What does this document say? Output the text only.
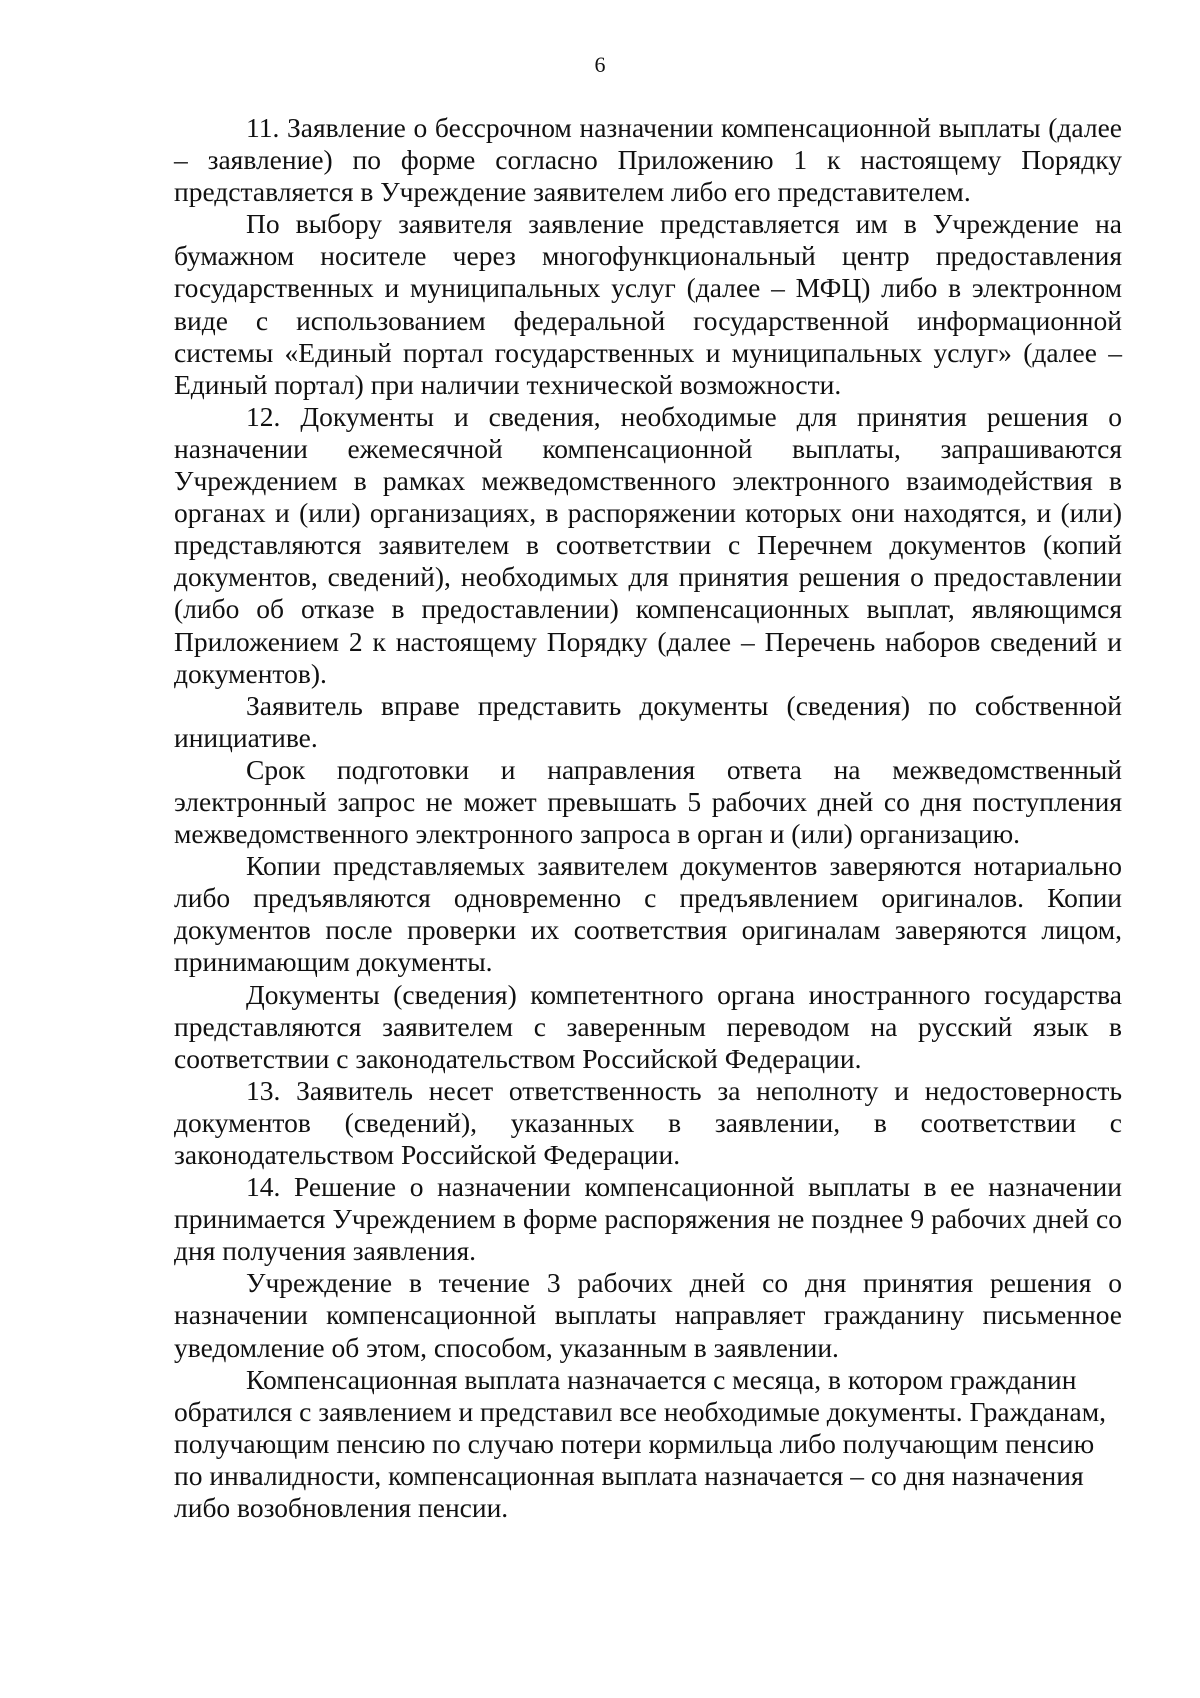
6

11. Заявление о бессрочном назначении компенсационной выплаты (далее – заявление) по форме согласно Приложению 1 к настоящему Порядку представляется в Учреждение заявителем либо его представителем.

По выбору заявителя заявление представляется им в Учреждение на бумажном носителе через многофункциональный центр предоставления государственных и муниципальных услуг (далее – МФЦ) либо в электронном виде с использованием федеральной государственной информационной системы «Единый портал государственных и муниципальных услуг» (далее – Единый портал) при наличии технической возможности.

12. Документы и сведения, необходимые для принятия решения о назначении ежемесячной компенсационной выплаты, запрашиваются Учреждением в рамках межведомственного электронного взаимодействия в органах и (или) организациях, в распоряжении которых они находятся, и (или) представляются заявителем в соответствии с Перечнем документов (копий документов, сведений), необходимых для принятия решения о предоставлении (либо об отказе в предоставлении) компенсационных выплат, являющимся Приложением 2 к настоящему Порядку (далее – Перечень наборов сведений и документов).

Заявитель вправе представить документы (сведения) по собственной инициативе.

Срок подготовки и направления ответа на межведомственный электронный запрос не может превышать 5 рабочих дней со дня поступления межведомственного электронного запроса в орган и (или) организацию.

Копии представляемых заявителем документов заверяются нотариально либо предъявляются одновременно с предъявлением оригиналов. Копии документов после проверки их соответствия оригиналам заверяются лицом, принимающим документы.

Документы (сведения) компетентного органа иностранного государства представляются заявителем с заверенным переводом на русский язык в соответствии с законодательством Российской Федерации.

13. Заявитель несет ответственность за неполноту и недостоверность документов (сведений), указанных в заявлении, в соответствии с законодательством Российской Федерации.

14. Решение о назначении компенсационной выплаты в ее назначении принимается Учреждением в форме распоряжения не позднее 9 рабочих дней со дня получения заявления.

Учреждение в течение 3 рабочих дней со дня принятия решения о назначении компенсационной выплаты направляет гражданину письменное уведомление об этом, способом, указанным в заявлении.

Компенсационная выплата назначается с месяца, в котором гражданин обратился с заявлением и представил все необходимые документы. Гражданам, получающим пенсию по случаю потери кормильца либо получающим пенсию по инвалидности, компенсационная выплата назначается – со дня назначения либо возобновления пенсии.
